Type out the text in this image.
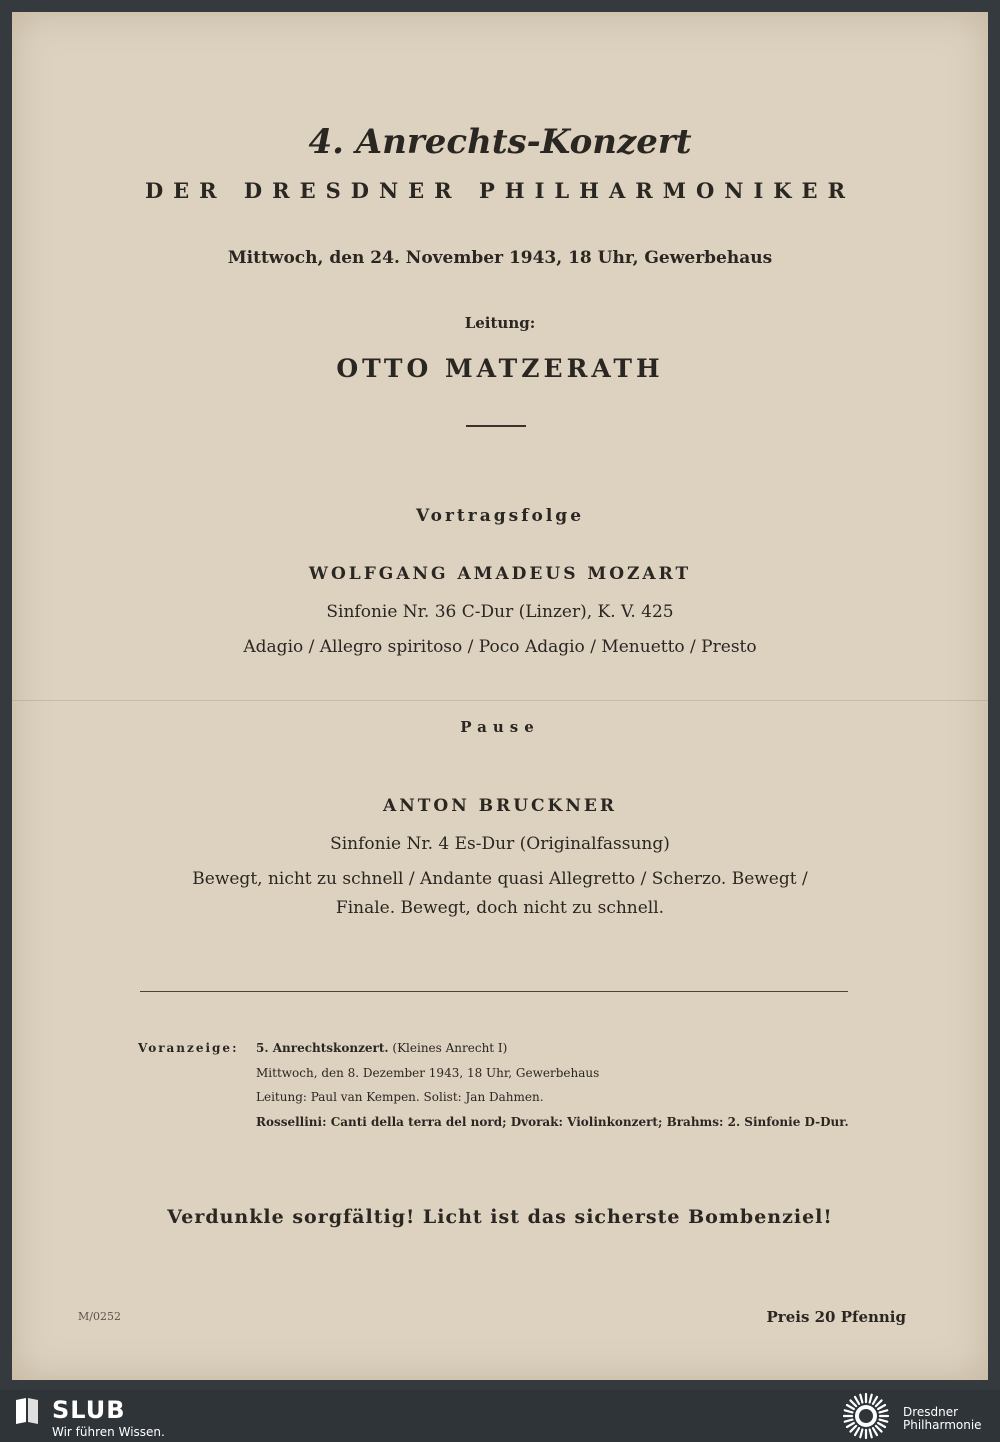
4. Anrechts-Konzert
DER DRESDNER PHILHARMONIKER
Mittwoch, den 24. November 1943, 18 Uhr, Gewerbehaus
Leitung:
OTTO MATZERATH
Vortragsfolge
WOLFGANG AMADEUS MOZART
Sinfonie Nr. 36 C-Dur (Linzer), K. V. 425
Adagio / Allegro spiritoso / Poco Adagio / Menuetto / Presto
Pause
ANTON BRUCKNER
Sinfonie Nr. 4 Es-Dur (Originalfassung)
Bewegt, nicht zu schnell / Andante quasi Allegretto / Scherzo. Bewegt /
Finale. Bewegt, doch nicht zu schnell.
Voranzeige: 5. Anrechtskonzert. (Kleines Anrecht I)
Mittwoch, den 8. Dezember 1943, 18 Uhr, Gewerbehaus
Leitung: Paul van Kempen. Solist: Jan Dahmen.
Rossellini: Canti della terra del nord; Dvorak: Violinkonzert; Brahms: 2. Sinfonie D-Dur.
Verdunkle sorgfältig! Licht ist das sicherste Bombenziel!
M/0252	Preis 20 Pfennig
SLUB
Wir führen Wissen.
Dresdner
Philharmonie
